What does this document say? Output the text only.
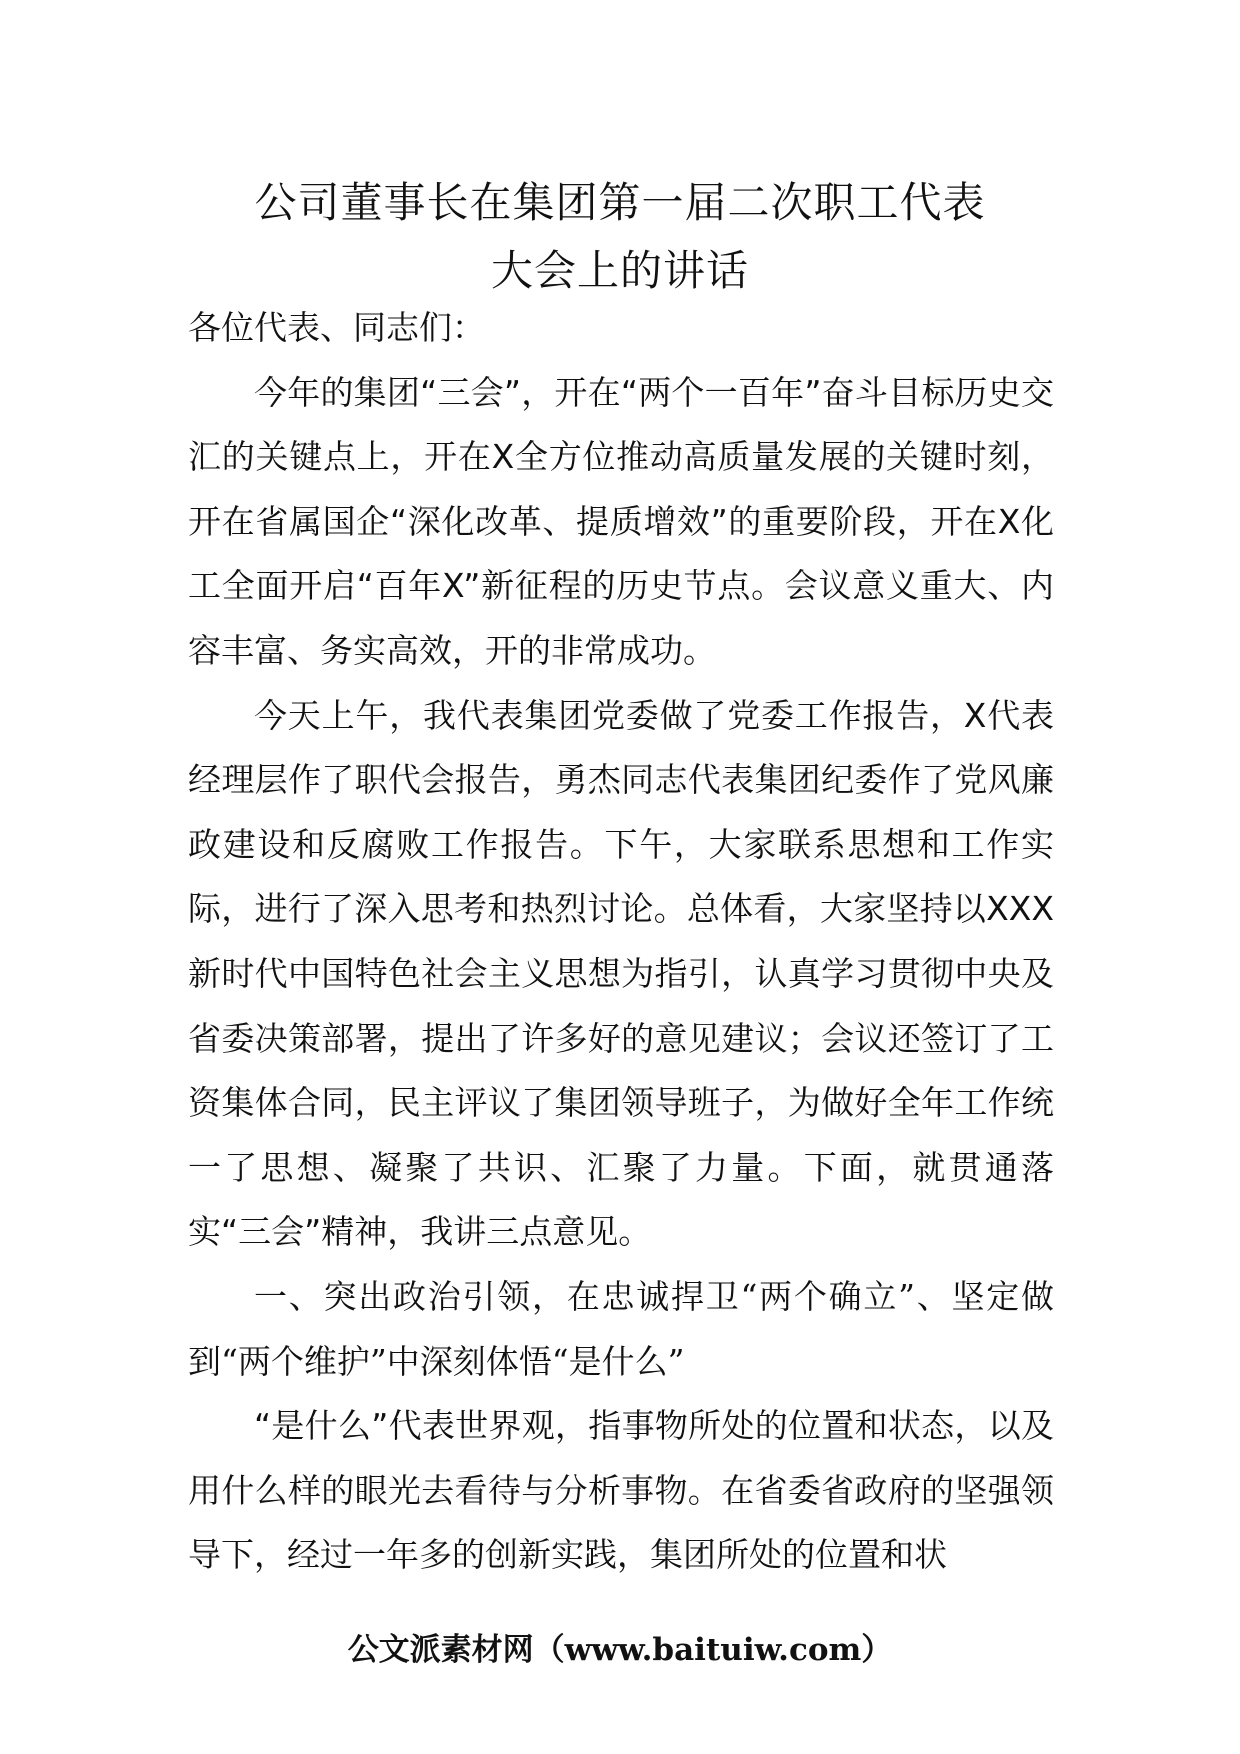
公司董事长在集团第一届二次职工代表
大会上的讲话

各位代表、同志们：

今年的集团“三会”，开在“两个一百年”奋斗目标历史交汇的关键点上，开在X全方位推动高质量发展的关键时刻，开在省属国企“深化改革、提质增效”的重要阶段，开在X化工全面开启“百年X”新征程的历史节点。会议意义重大、内容丰富、务实高效，开的非常成功。

今天上午，我代表集团党委做了党委工作报告，X代表经理层作了职代会报告，勇杰同志代表集团纪委作了党风廉政建设和反腐败工作报告。下午，大家联系思想和工作实际，进行了深入思考和热烈讨论。总体看，大家坚持以XXX新时代中国特色社会主义思想为指引，认真学习贯彻中央及省委决策部署，提出了许多好的意见建议；会议还签订了工资集体合同，民主评议了集团领导班子，为做好全年工作统一了思想、凝聚了共识、汇聚了力量。下面，就贯通落实“三会”精神，我讲三点意见。

一、突出政治引领，在忠诚捍卫“两个确立”、坚定做到“两个维护”中深刻体悟“是什么”

“是什么”代表世界观，指事物所处的位置和状态，以及用什么样的眼光去看待与分析事物。在省委省政府的坚强领导下，经过一年多的创新实践，集团所处的位置和状

公文派素材网（www.baituiw.com）
